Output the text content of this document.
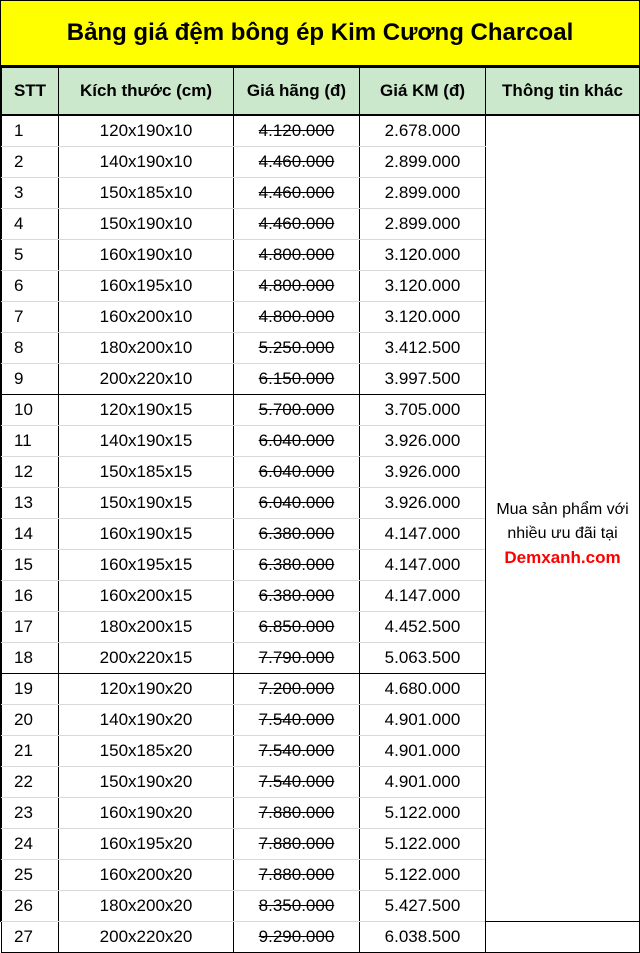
Bảng giá đệm bông ép Kim Cương Charcoal
STT	Kích thước (cm)	Giá hãng (đ)	Giá KM (đ)	Thông tin khác
1	120x190x10	4.120.000	2.678.000	Mua sản phẩm với nhiều ưu đãi tại
Demxanh.com

2	140x190x10	4.460.000	2.899.000	
3	150x185x10	4.460.000	2.899.000	
4	150x190x10	4.460.000	2.899.000	
5	160x190x10	4.800.000	3.120.000	
6	160x195x10	4.800.000	3.120.000	
7	160x200x10	4.800.000	3.120.000	
8	180x200x10	5.250.000	3.412.500	
9	200x220x10	6.150.000	3.997.500	
10	120x190x15	5.700.000	3.705.000	
11	140x190x15	6.040.000	3.926.000	
12	150x185x15	6.040.000	3.926.000	
13	150x190x15	6.040.000	3.926.000	
14	160x190x15	6.380.000	4.147.000	
15	160x195x15	6.380.000	4.147.000	
16	160x200x15	6.380.000	4.147.000	
17	180x200x15	6.850.000	4.452.500	
18	200x220x15	7.790.000	5.063.500	
19	120x190x20	7.200.000	4.680.000	
20	140x190x20	7.540.000	4.901.000	
21	150x185x20	7.540.000	4.901.000	
22	150x190x20	7.540.000	4.901.000	
23	160x190x20	7.880.000	5.122.000	
24	160x195x20	7.880.000	5.122.000	
25	160x200x20	7.880.000	5.122.000	
26	180x200x20	8.350.000	5.427.500	
27	200x220x20	9.290.000	6.038.500	
